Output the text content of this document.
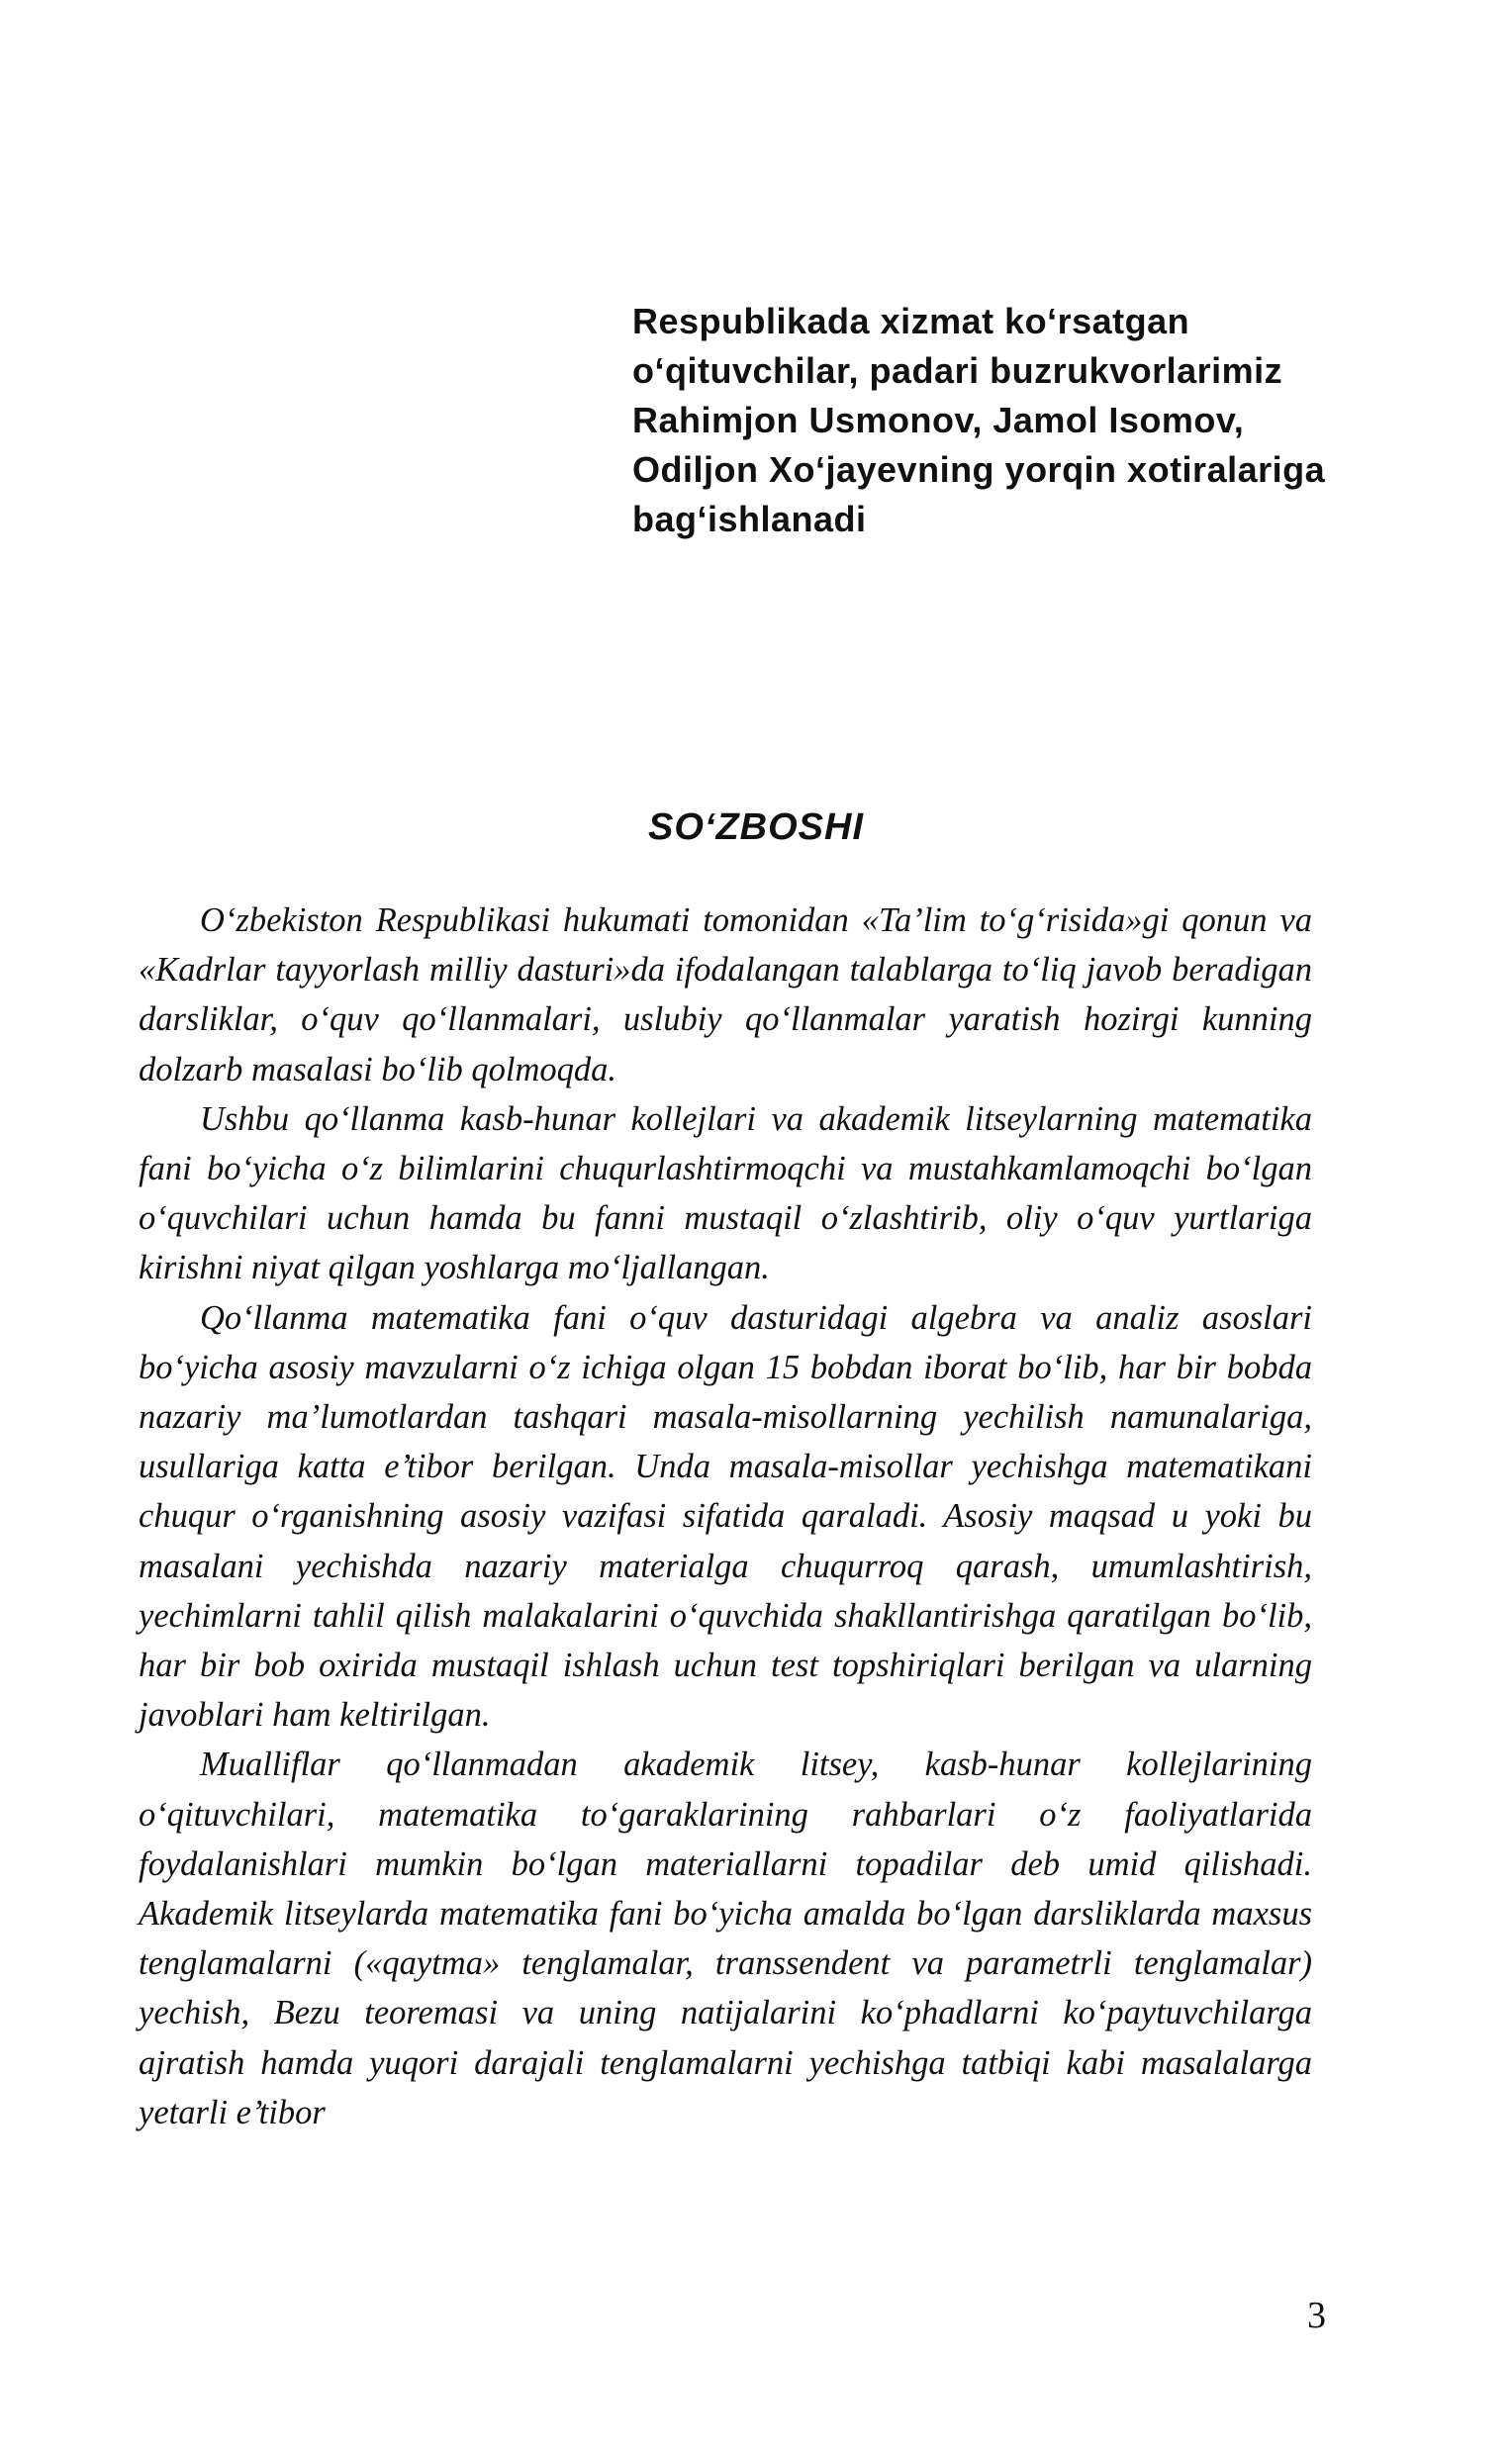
Respublikada xizmat ko‘rsatgan
o‘qituvchilar, padari buzrukvorlarimiz
Rahimjon Usmonov, Jamol Isomov,
Odiljon Xo‘jayevning yorqin xotiralariga
bag‘ishlanadi
SO‘ZBOSHI

O‘zbekiston Respublikasi hukumati tomonidan «Ta’lim to‘g‘risida»gi qonun va «Kadrlar tayyorlash milliy dasturi»da ifodalangan talablarga to‘liq javob beradigan darsliklar, o‘quv qo‘llanmalari, uslubiy qo‘llanmalar yaratish hozirgi kunning dolzarb masalasi bo‘lib qolmoqda.

Ushbu qo‘llanma kasb-hunar kollejlari va akademik litseylarning matematika fani bo‘yicha o‘z bilimlarini chuqurlashtirmoqchi va mustahkamlamoqchi bo‘lgan o‘quvchilari uchun hamda bu fanni mustaqil o‘zlashtirib, oliy o‘quv yurtlariga kirishni niyat qilgan yoshlarga mo‘ljallangan.

Qo‘llanma matematika fani o‘quv dasturidagi algebra va analiz asoslari bo‘yicha asosiy mavzularni o‘z ichiga olgan 15 bobdan iborat bo‘lib, har bir bobda nazariy ma’lumotlardan tashqari masala-misollarning yechilish namunalariga, usullariga katta e’tibor berilgan. Unda masala-misollar yechishga matematikani chuqur o‘rganishning asosiy vazifasi sifatida qaraladi. Asosiy maqsad u yoki bu masalani yechishda nazariy materialga chuqurroq qarash, umumlashtirish, yechimlarni tahlil qilish malakalarini o‘quvchida shakllantirishga qaratilgan bo‘lib, har bir bob oxirida mustaqil ishlash uchun test topshiriqlari berilgan va ularning javoblari ham keltirilgan.

Mualliflar qo‘llanmadan akademik litsey, kasb-hunar kollejlarining o‘qituvchilari, matematika to‘garaklarining rahbarlari o‘z faoliyatlarida foydalanishlari mumkin bo‘lgan materiallarni topadilar deb umid qilishadi. Akademik litseylarda matematika fani bo‘yicha amalda bo‘lgan darsliklarda maxsus tenglamalarni («qaytma» tenglamalar, transsendent va parametrli tenglamalar) yechish, Bezu teoremasi va uning natijalarini ko‘phadlarni ko‘paytuvchilarga ajratish hamda yuqori darajali tenglamalarni yechishga tatbiqi kabi masalalarga yetarli e’tibor

3
